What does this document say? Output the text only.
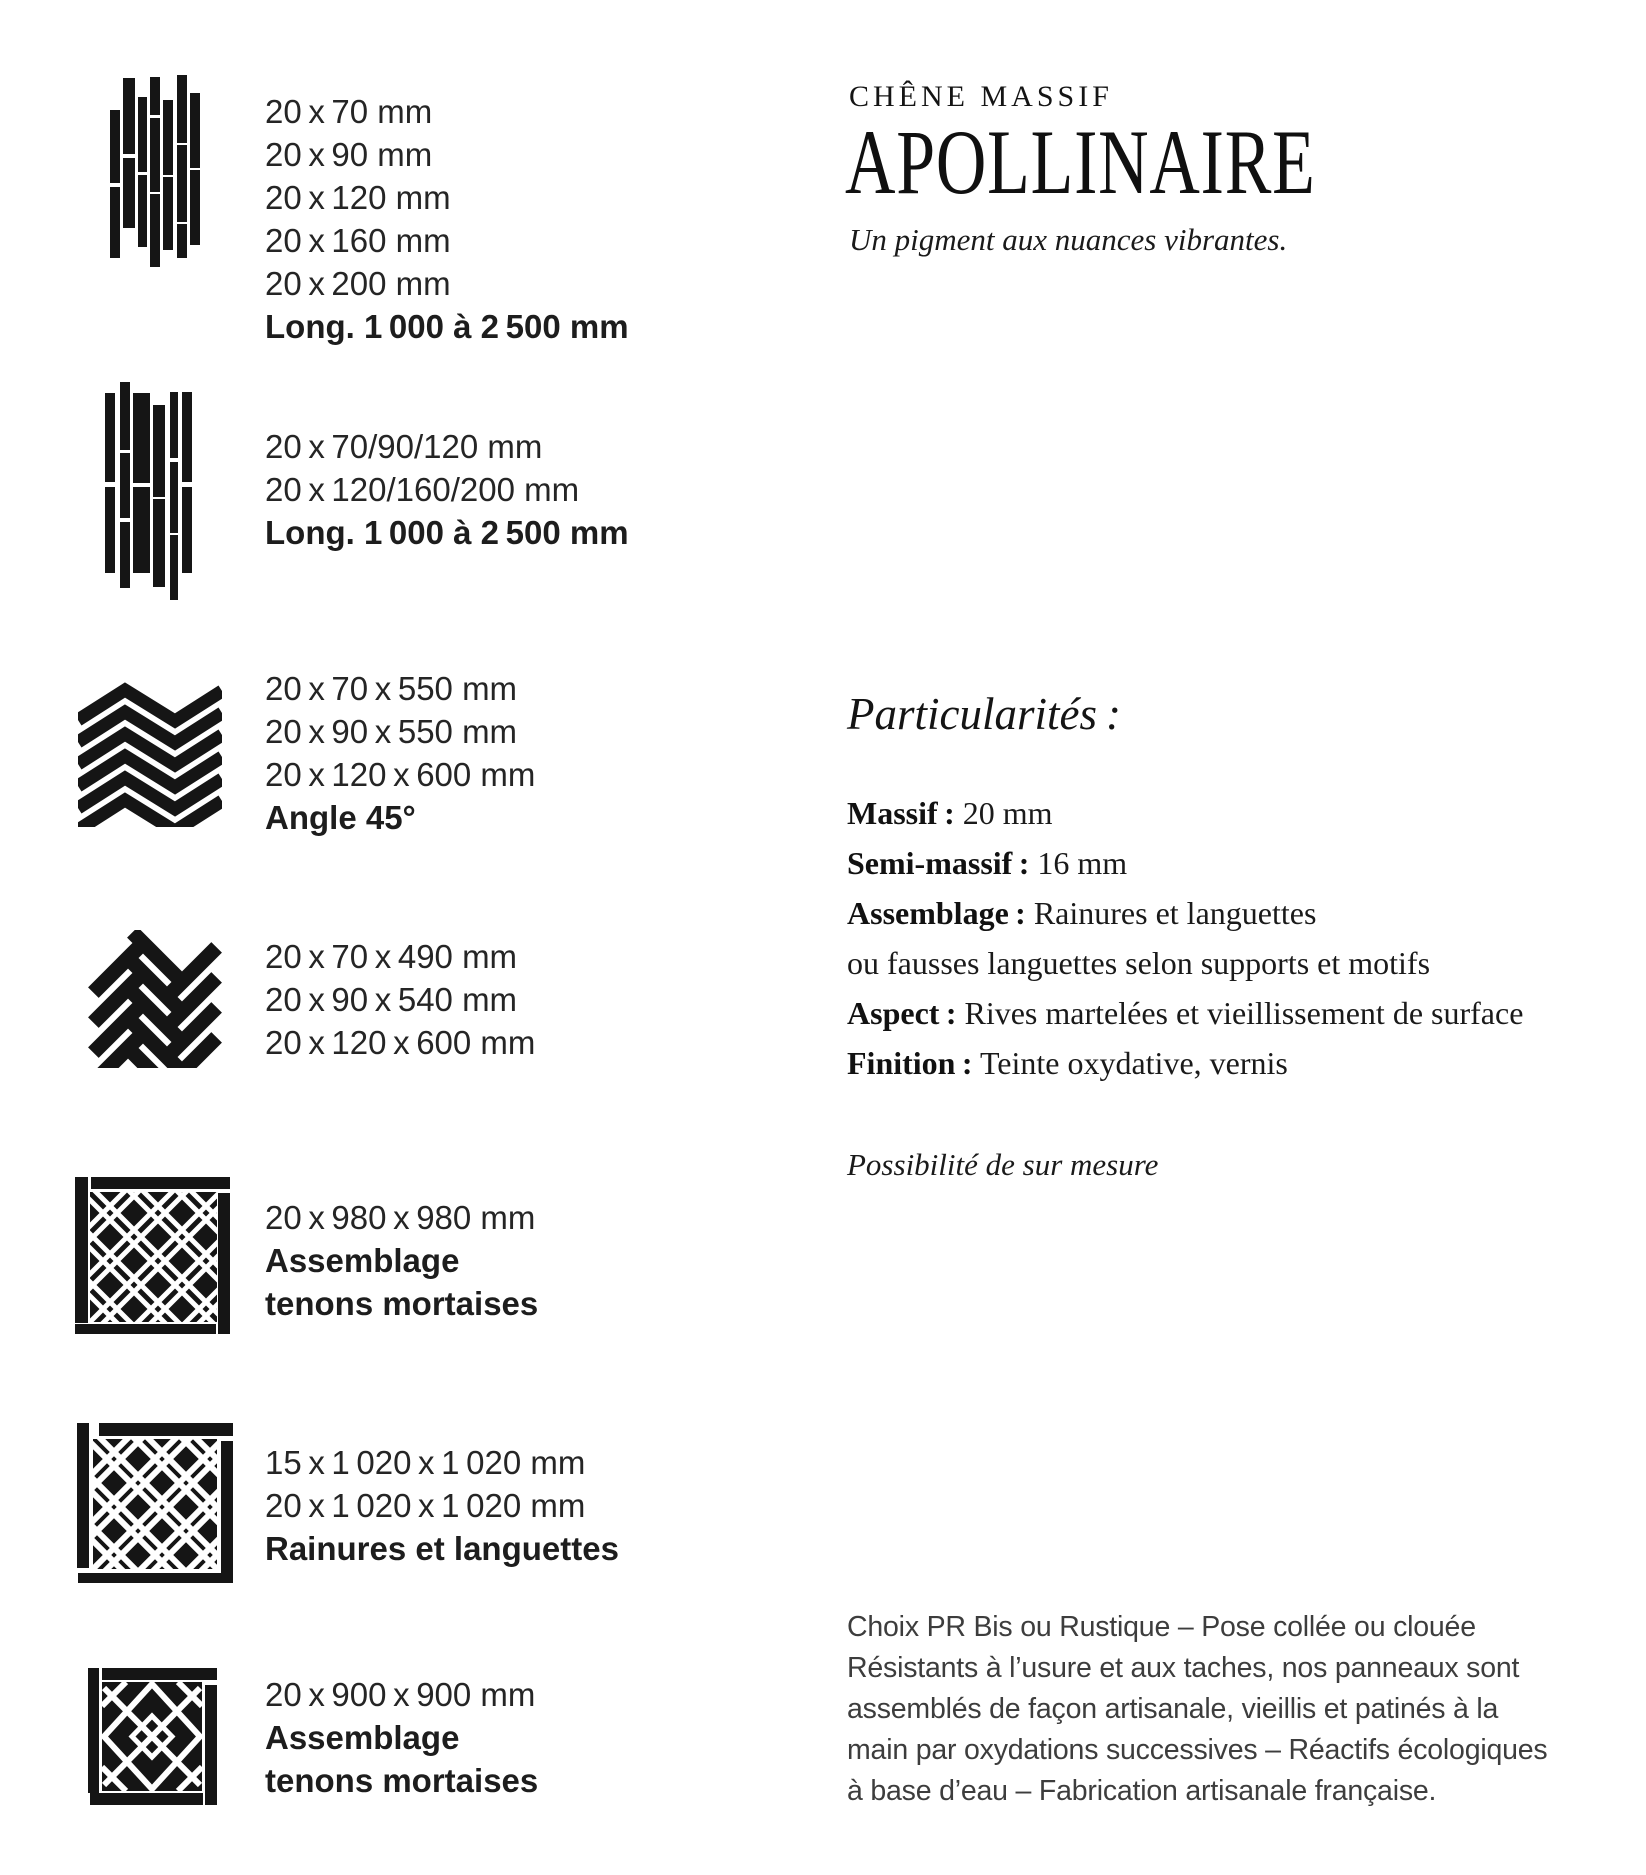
20 x 70 mm
20 x 90 mm
20 x 120 mm
20 x 160 mm
20 x 200 mm
Long. 1 000 à 2 500 mm
20 x 70/90/120 mm
20 x 120/160/200 mm
Long. 1 000 à 2 500 mm
20 x 70 x 550 mm
20 x 90 x 550 mm
20 x 120 x 600 mm
Angle 45°
20 x 70 x 490 mm
20 x 90 x 540 mm
20 x 120 x 600 mm
20 x 980 x 980 mm
Assemblage
tenons mortaises
15 x 1 020 x 1 020 mm
20 x 1 020 x 1 020 mm
Rainures et languettes
20 x 900 x 900 mm
Assemblage
tenons mortaises
CHÊNE MASSIF
APOLLINAIRE
Un pigment aux nuances vibrantes.
Particularités :
Massif : 20 mm
Semi-massif : 16 mm
Assemblage : Rainures et languettes
ou fausses languettes selon supports et motifs
Aspect : Rives martelées et vieillissement de surface
Finition : Teinte oxydative, vernis
Possibilité de sur mesure
Choix PR Bis ou Rustique – Pose collée ou clouée
Résistants à l’usure et aux taches, nos panneaux sont
assemblés de façon artisanale, vieillis et patinés à la
main par oxydations successives – Réactifs écologiques
à base d’eau – Fabrication artisanale française.
